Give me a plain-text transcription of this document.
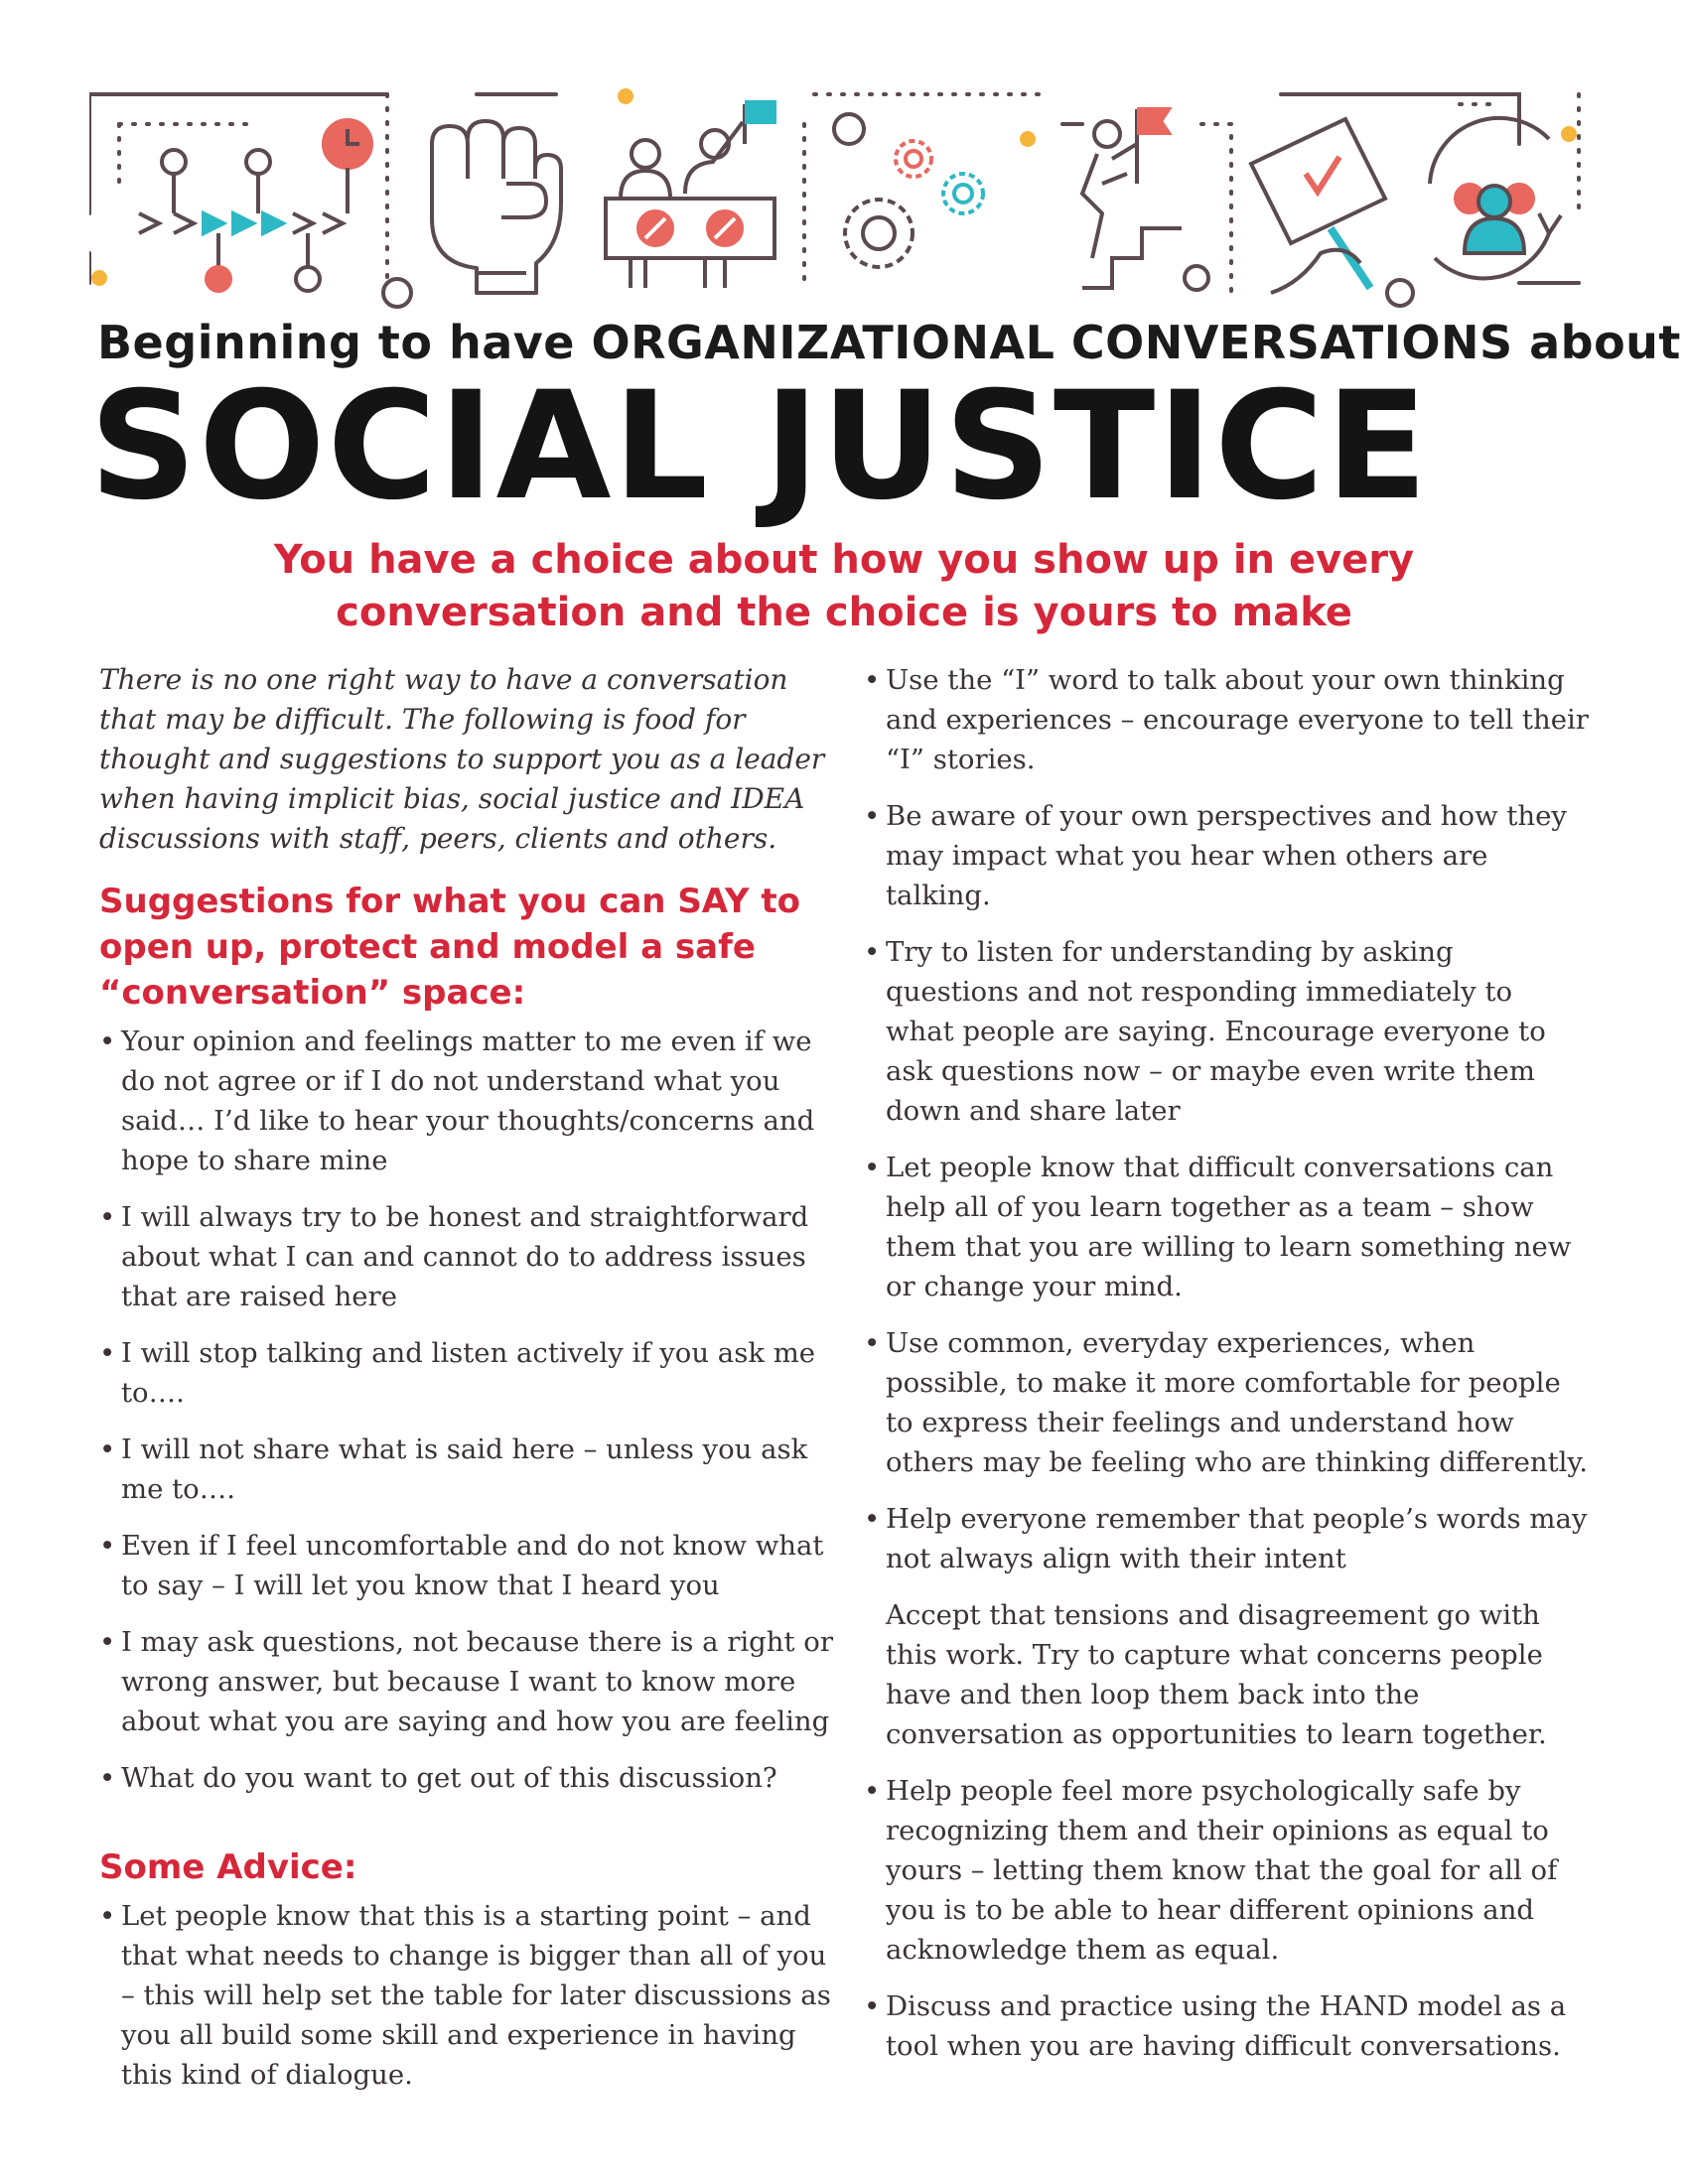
Beginning to have ORGANIZATIONAL CONVERSATIONS about
SOCIAL JUSTICE
You have a choice about how you show up in every
conversation and the choice is yours to make

There is no one right way to have a conversation that may be difficult. The following is food for thought and suggestions to support you as a leader when having implicit bias, social justice and IDEA discussions with staff, peers, clients and others.

Suggestions for what you can SAY to open up, protect and model a safe “conversation” space:
• Your opinion and feelings matter to me even if we do not agree or if I do not understand what you said… I’d like to hear your thoughts/concerns and hope to share mine
• I will always try to be honest and straightforward about what I can and cannot do to address issues that are raised here
• I will stop talking and listen actively if you ask me to….
• I will not share what is said here – unless you ask me to….
• Even if I feel uncomfortable and do not know what to say – I will let you know that I heard you
• I may ask questions, not because there is a right or wrong answer, but because I want to know more about what you are saying and how you are feeling
• What do you want to get out of this discussion?
Some Advice:
• Let people know that this is a starting point – and that what needs to change is bigger than all of you – this will help set the table for later discussions as you all build some skill and experience in having this kind of dialogue.
• Use the “I” word to talk about your own thinking and experiences – encourage everyone to tell their “I” stories.
• Be aware of your own perspectives and how they may impact what you hear when others are talking.
• Try to listen for understanding by asking questions and not responding immediately to what people are saying. Encourage everyone to ask questions now – or maybe even write them down and share later
• Let people know that difficult conversations can help all of you learn together as a team – show them that you are willing to learn something new or change your mind.
• Use common, everyday experiences, when possible, to make it more comfortable for people to express their feelings and understand how others may be feeling who are thinking differently.
• Help everyone remember that people’s words may not always align with their intent

Accept that tensions and disagreement go with this work. Try to capture what concerns people have and then loop them back into the conversation as opportunities to learn together.

• Help people feel more psychologically safe by recognizing them and their opinions as equal to yours – letting them know that the goal for all of you is to be able to hear different opinions and acknowledge them as equal.
• Discuss and practice using the HAND model as a tool when you are having difficult conversations.
